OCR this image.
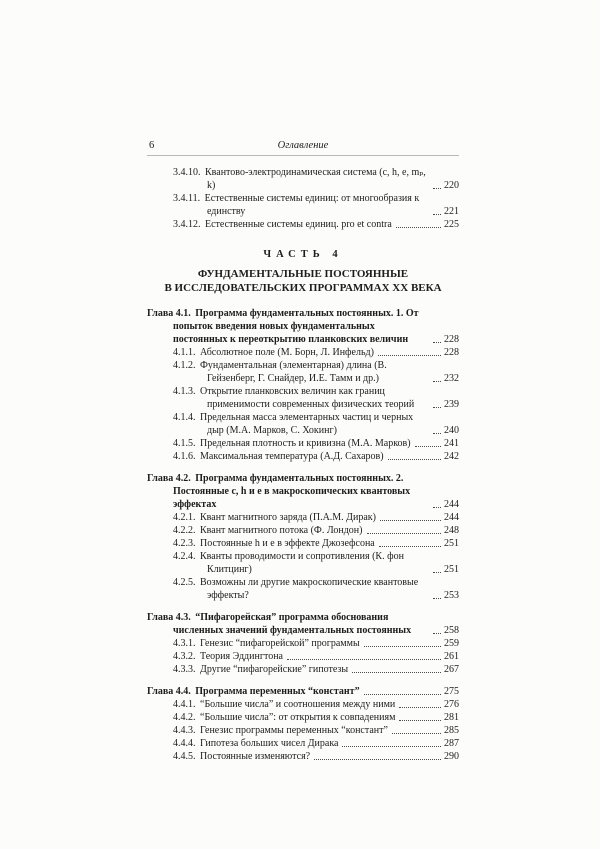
6	Оглавление
3.4.10. Квантово-электродинамическая система (c, h, e, mₚ, k)	220
3.4.11. Естественные системы единиц: от многообразия к единству	221
3.4.12. Естественные системы единиц. pro et contra	225
ЧАСТЬ 4
ФУНДАМЕНТАЛЬНЫЕ ПОСТОЯННЫЕ
В ИССЛЕДОВАТЕЛЬСКИХ ПРОГРАММАХ XX ВЕКА
Глава 4.1. Программа фундаментальных постоянных. 1. От попыток введения новых фундаментальных постоянных к переоткрытию планковских величин	228
4.1.1. Абсолютное поле (М. Борн, Л. Инфельд)	228
4.1.2. Фундаментальная (элементарная) длина (В. Гейзенберг, Г. Снайдер, И.Е. Тамм и др.)	232
4.1.3. Открытие планковских величин как границ применимости современных физических теорий	239
4.1.4. Предельная масса элементарных частиц и черных дыр (М.А. Марков, С. Хокинг)	240
4.1.5. Предельная плотность и кривизна (М.А. Марков)	241
4.1.6. Максимальная температура (А.Д. Сахаров)	242
Глава 4.2. Программа фундаментальных постоянных. 2. Постоянные c, h и e в макроскопических квантовых эффектах	244
4.2.1. Квант магнитного заряда (П.А.М. Дирак)	244
4.2.2. Квант магнитного потока (Ф. Лондон)	248
4.2.3. Постоянные h и e в эффекте Джозефсона	251
4.2.4. Кванты проводимости и сопротивления (К. фон Клитцинг)	251
4.2.5. Возможны ли другие макроскопические квантовые эффекты?	253
Глава 4.3. “Пифагорейская” программа обоснования численных значений фундаментальных постоянных	258
4.3.1. Генезис “пифагорейской” программы	259
4.3.2. Теория Эддингтона	261
4.3.3. Другие “пифагорейские” гипотезы	267
Глава 4.4. Программа переменных “констант”	275
4.4.1. “Большие числа” и соотношения между ними	276
4.4.2. “Большие числа”: от открытия к совпадениям	281
4.4.3. Генезис программы переменных “констант”	285
4.4.4. Гипотеза больших чисел Дирака	287
4.4.5. Постоянные изменяются?	290
